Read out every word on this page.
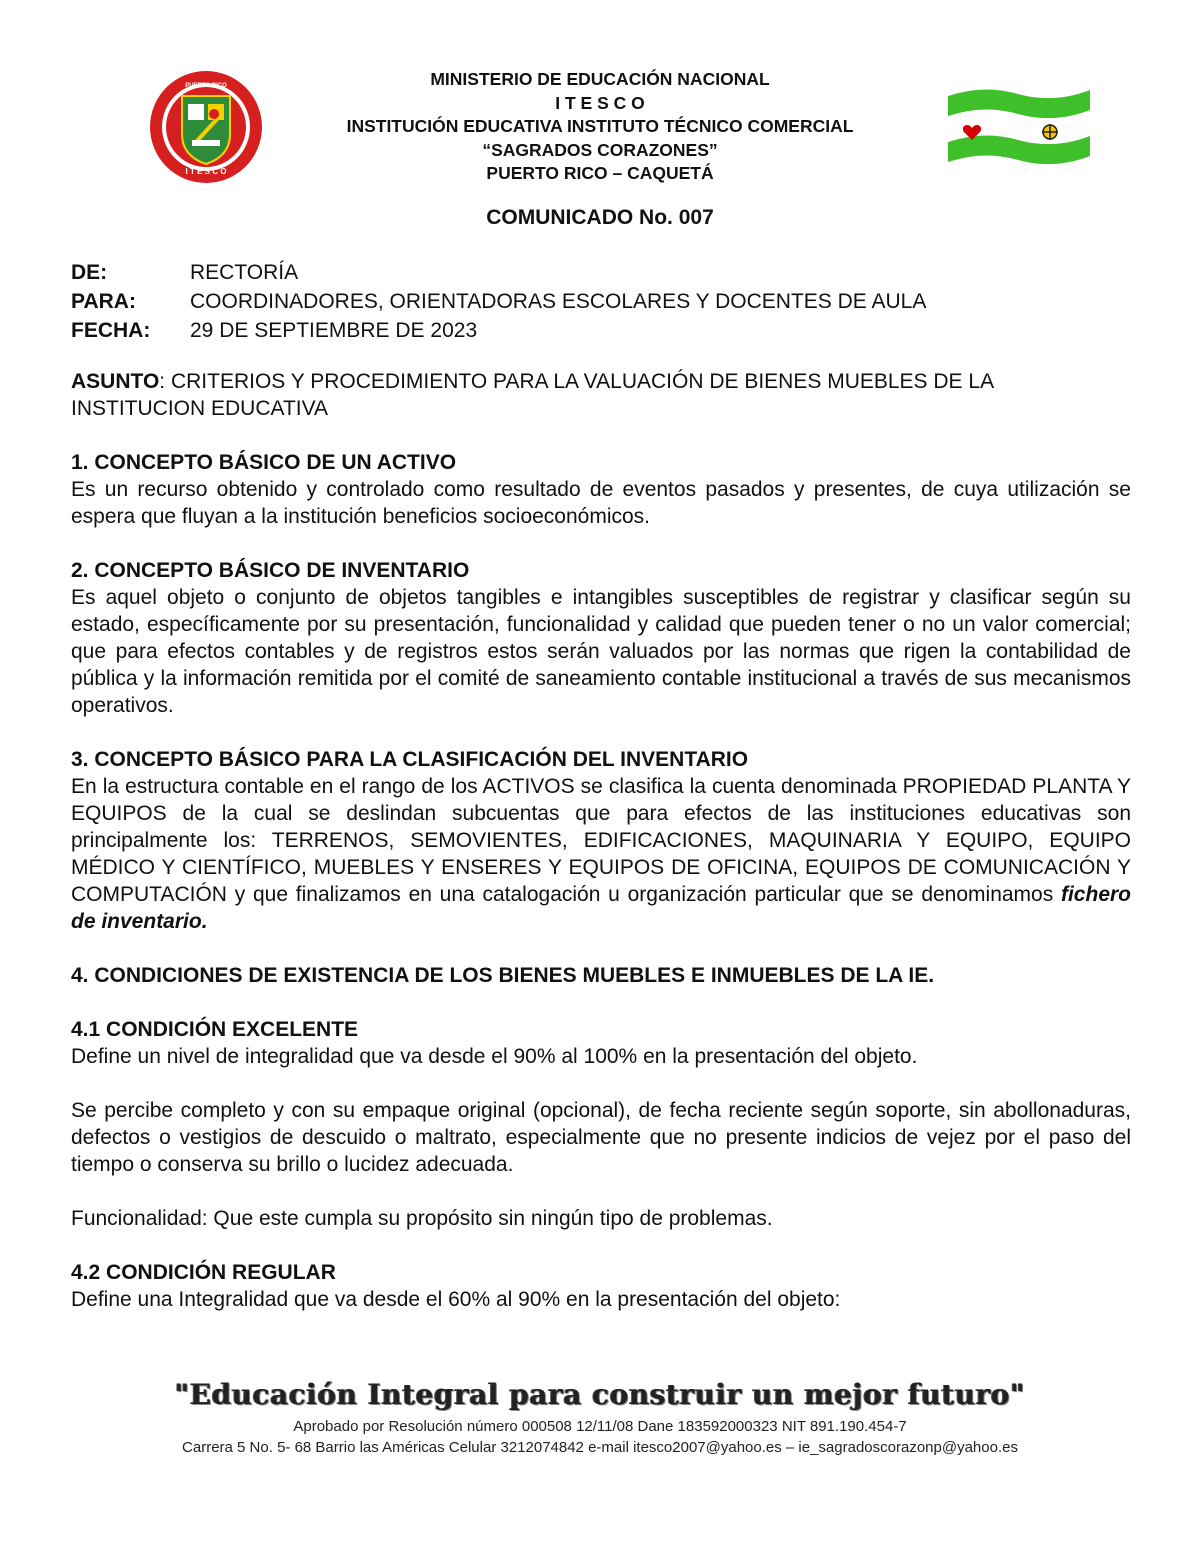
I T E S C O
PUERTO RICO	MINISTERIO DE EDUCACIÓN NACIONAL
I T E S C O
INSTITUCIÓN EDUCATIVA INSTITUTO TÉCNICO COMERCIAL
“SAGRADOS CORAZONES”
PUERTO RICO – CAQUETÁ
COMUNICADO No. 007
DE:	RECTORÍA
PARA:	COORDINADORES, ORIENTADORAS ESCOLARES Y DOCENTES DE AULA
FECHA:	29 DE SEPTIEMBRE DE 2023

ASUNTO: CRITERIOS Y PROCEDIMIENTO PARA LA VALUACIÓN DE BIENES MUEBLES DE LA INSTITUCION EDUCATIVA

1. CONCEPTO BÁSICO DE UN ACTIVO

Es un recurso obtenido y controlado como resultado de eventos pasados y presentes, de cuya utilización se espera que fluyan a la institución beneficios socioeconómicos.

2. CONCEPTO BÁSICO DE INVENTARIO

Es aquel objeto o conjunto de objetos tangibles e intangibles susceptibles de registrar y clasificar según su estado, específicamente por su presentación, funcionalidad y calidad que pueden tener o no un valor comercial; que para efectos contables y de registros estos serán valuados por las normas que rigen la contabilidad de pública y la información remitida por el comité de saneamiento contable institucional a través de sus mecanismos operativos.

3. CONCEPTO BÁSICO PARA LA CLASIFICACIÓN DEL INVENTARIO

En la estructura contable en el rango de los ACTIVOS se clasifica la cuenta denominada PROPIEDAD PLANTA Y EQUIPOS de la cual se deslindan subcuentas que para efectos de las instituciones educativas son principalmente los: TERRENOS, SEMOVIENTES, EDIFICACIONES, MAQUINARIA Y EQUIPO, EQUIPO MÉDICO Y CIENTÍFICO, MUEBLES Y ENSERES Y EQUIPOS DE OFICINA, EQUIPOS DE COMUNICACIÓN Y COMPUTACIÓN y que finalizamos en una catalogación u organización particular que se denominamos fichero de inventario.

4. CONDICIONES DE EXISTENCIA DE LOS BIENES MUEBLES E INMUEBLES DE LA IE.

4.1 CONDICIÓN EXCELENTE

Define un nivel de integralidad que va desde el 90% al 100% en la presentación del objeto.

Se percibe completo y con su empaque original (opcional), de fecha reciente según soporte, sin abollonaduras, defectos o vestigios de descuido o maltrato, especialmente que no presente indicios de vejez por el paso del tiempo o conserva su brillo o lucidez adecuada.

Funcionalidad: Que este cumpla su propósito sin ningún tipo de problemas.

4.2 CONDICIÓN REGULAR

Define una Integralidad que va desde el 60% al 90% en la presentación del objeto:

"Educación Integral para construir un mejor futuro"
Aprobado por Resolución número 000508 12/11/08 Dane 183592000323 NIT 891.190.454-7
Carrera 5 No. 5- 68 Barrio las Américas Celular 3212074842 e-mail itesco2007@yahoo.es – ie_sagradoscorazonp@yahoo.es
